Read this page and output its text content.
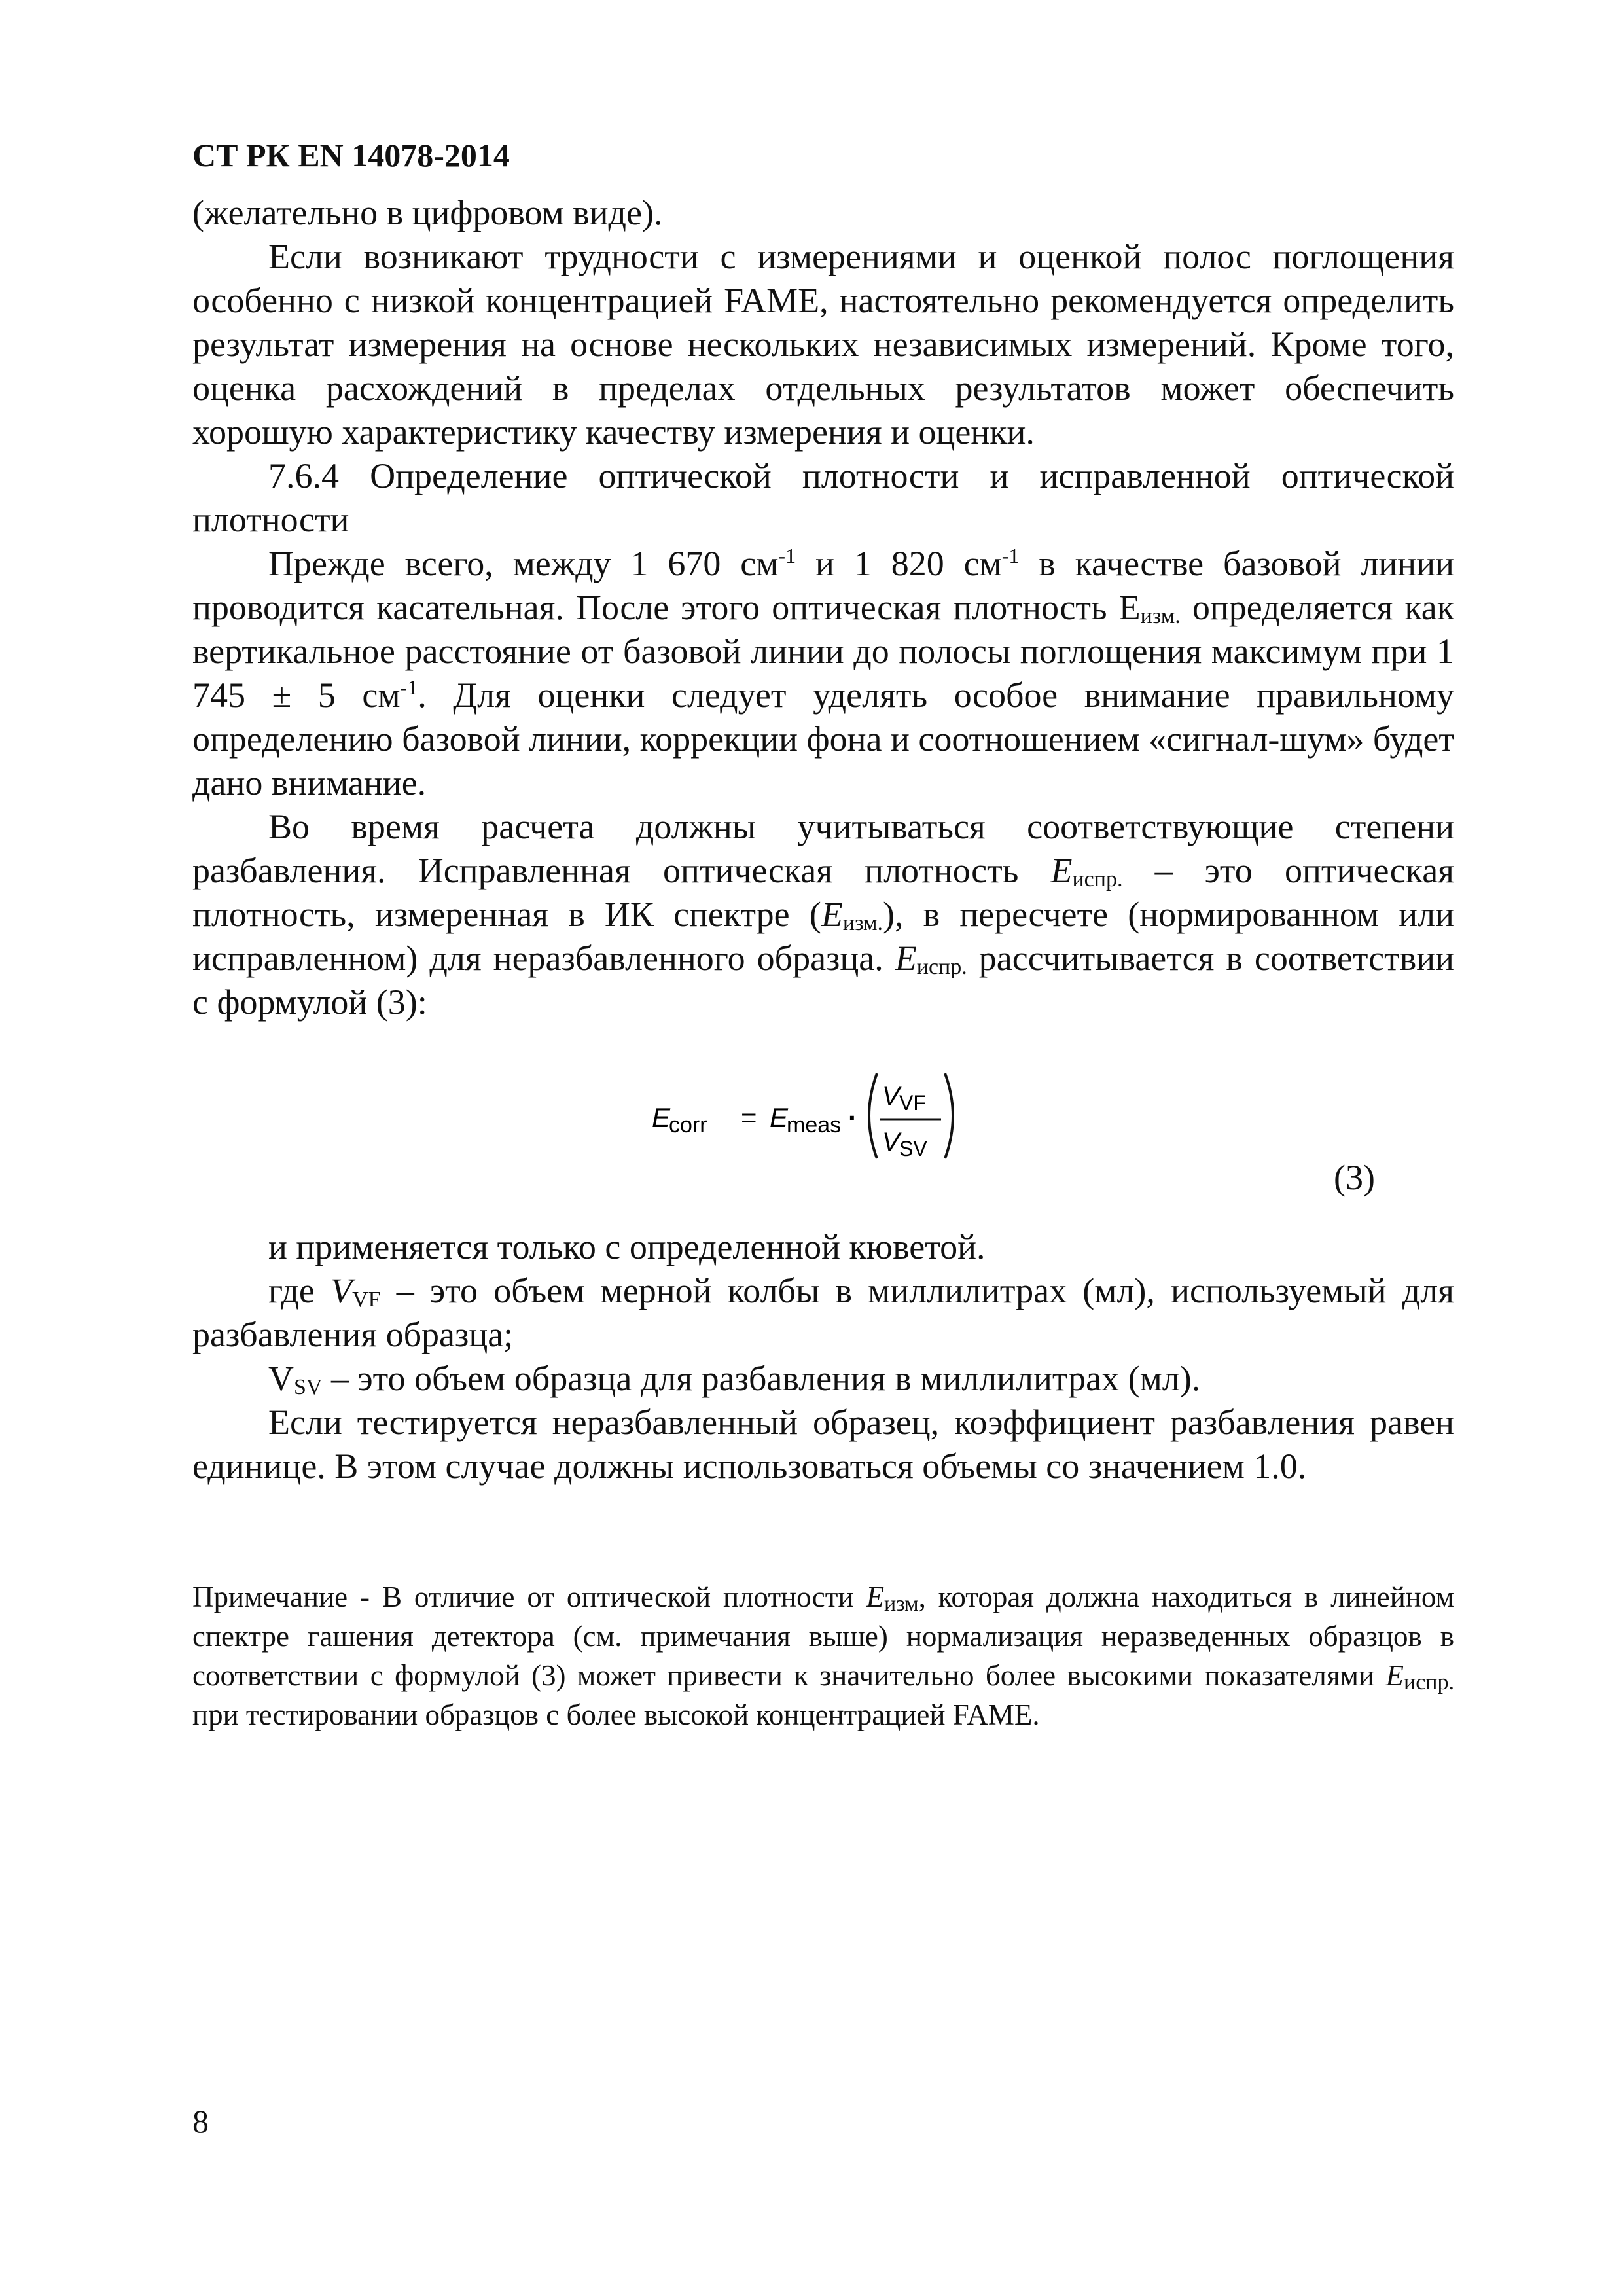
СТ РК EN 14078-2014

(желательно в цифровом виде).

Если возникают трудности с измерениями и оценкой полос поглощения особенно с низкой концентрацией FAME, настоятельно рекомендуется определить результат измерения на основе нескольких независимых измерений. Кроме того, оценка расхождений в пределах отдельных результатов может обеспечить хорошую характеристику качеству измерения и оценки.

7.6.4 Определение оптической плотности и исправленной оптической плотности

Прежде всего, между 1 670 $см^{-1}$ и 1 820 $см^{-1}$ в качестве базовой линии проводится касательная. После этого оптическая плотность $Е_{изм.}$ определяется как вертикальное расстояние от базовой линии до полосы поглощения максимум при 1 745 ± 5 $см^{-1}$. Для оценки следует уделять особое внимание правильному определению базовой линии, коррекции фона и соотношением «сигнал-шум» будет дано внимание.

Во время расчета должны учитываться соответствующие степени разбавления. Исправленная оптическая плотность $E_{испр.}$ – это оптическая плотность, измеренная в ИК спектре $(E_{изм.})$, в пересчете (нормированном или исправленном) для неразбавленного образца. $E_{испр.}$ рассчитывается в соответствии с формулой (3):

E
corr = E
meas ·
V VF
V SV
(3)

и применяется только с определенной кюветой.

где $V_{VF}$ – это объем мерной колбы в миллилитрах (мл), используемый для разбавления образца;

$V_{SV}$ – это объем образца для разбавления в миллилитрах (мл).

Если тестируется неразбавленный образец, коэффициент разбавления равен единице. В этом случае должны использоваться объемы со значением 1.0.

Примечание - В отличие от оптической плотности $E_{изм}$, которая должна находиться в линейном спектре гашения детектора (см. примечания выше) нормализация неразведенных образцов в соответствии с формулой (3) может привести к значительно более высокими показателями $E_{испр.}$ при тестировании образцов с более высокой концентрацией FAME.

8
